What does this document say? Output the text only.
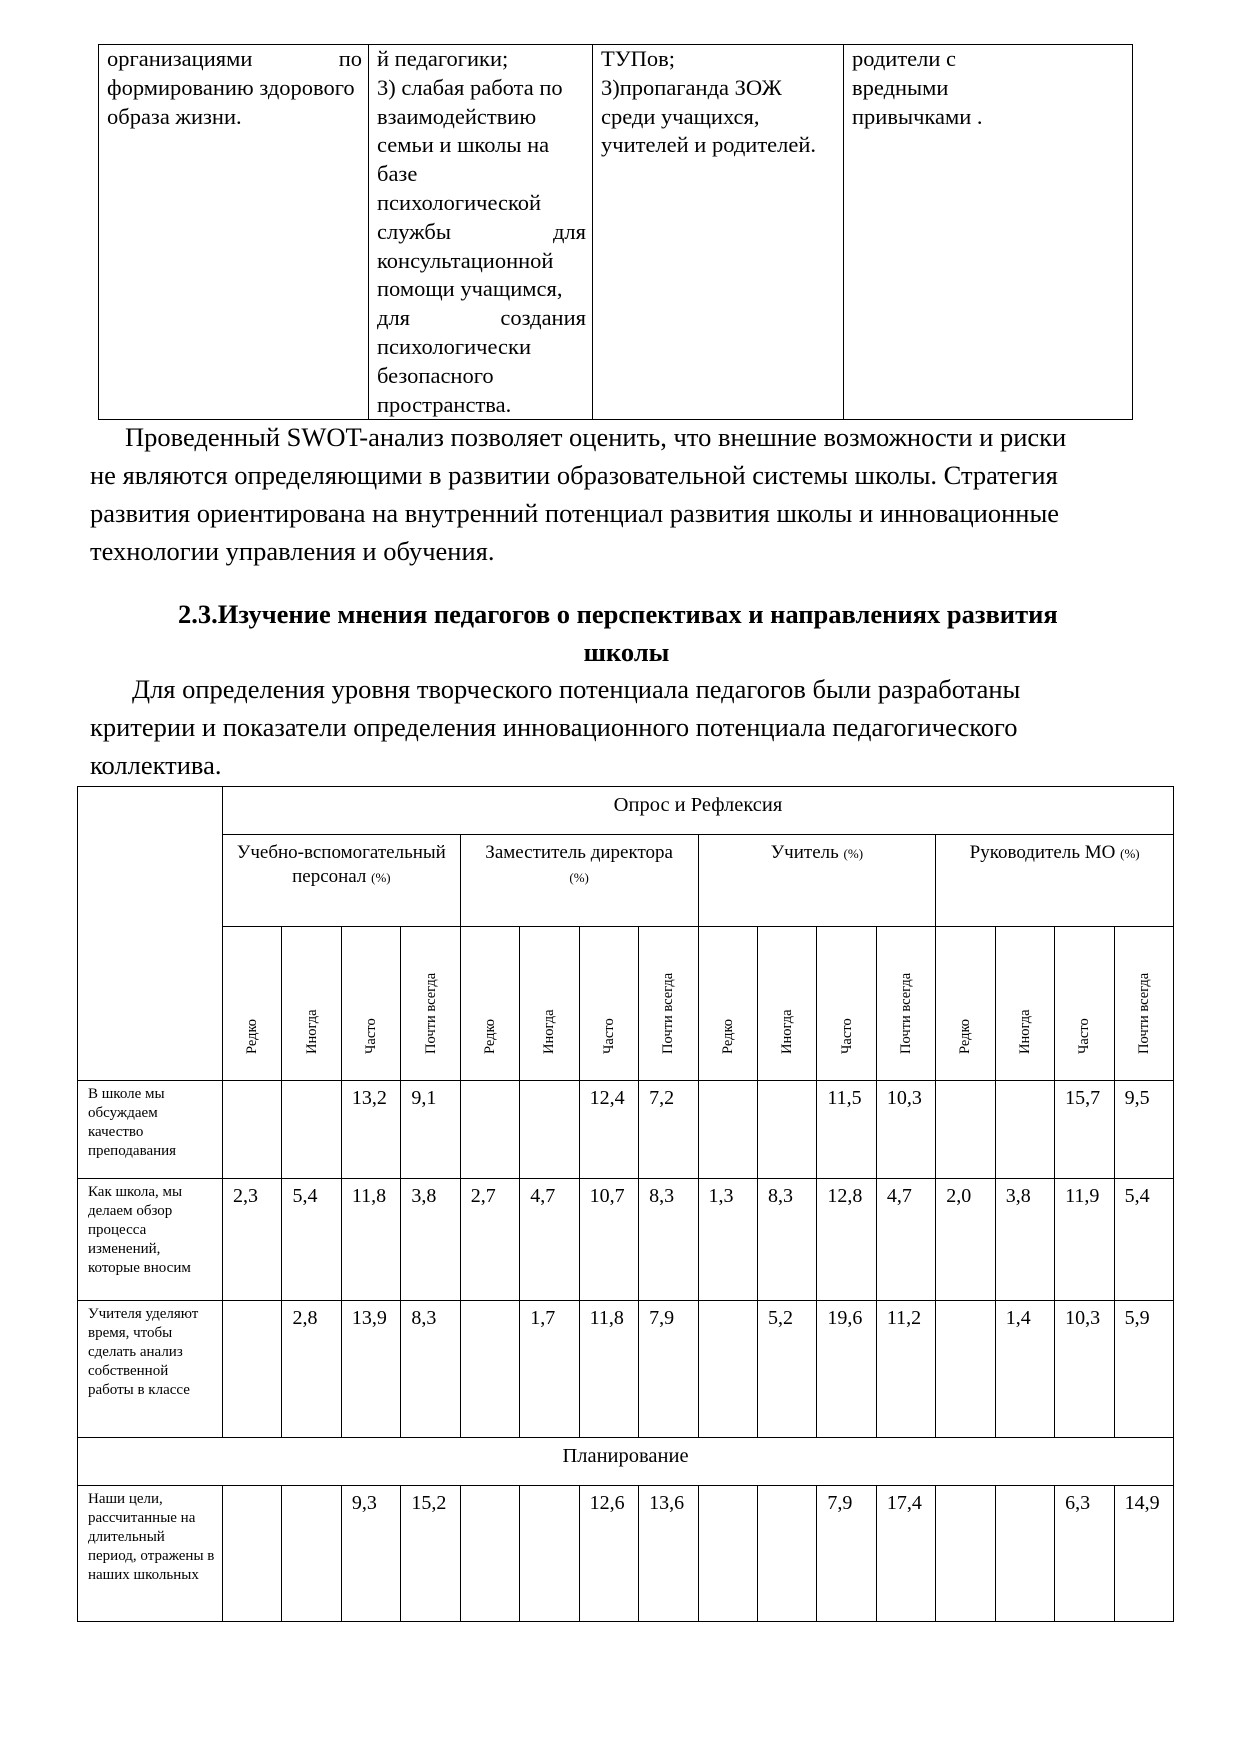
организациями	по
формированию здорового
образа жизни.

й педагогики;
3) слабая работа по
взаимодействию
семьи и школы на
базе
психологической
службы	для
консультационной
помощи учащимся,
для	создания
психологически
безопасного
пространства.

ТУПов;
3)пропаганда ЗОЖ
среди учащихся,
учителей и родителей.

родители с
вредными
привычками .
Проведенный SWOT-анализ позволяет оценить, что внешние возможности и риски
не являются определяющими в развитии образовательной системы школы. Стратегия
развития ориентирована на внутренний потенциал развития школы и инновационные
технологии управления и обучения.
2.3.Изучение мнения педагогов о перспективах и направлениях развития
школы
Для определения уровня творческого потенциала педагогов были разработаны
критерии и показатели определения инновационного потенциала педагогического
коллектива.
	Опрос и Рефлексия															
	Учебно-вспомогательный персонал (%)				Заместитель директора
(%)				Учитель (%)				Руководитель МО (%)			

	Редко	Иногда	Часто	Почти всегда	Редко	Иногда	Часто	Почти всегда	Редко	Иногда	Часто	Почти всегда	Редко	Иногда	Часто	Почти всегда

В школе мы обсуждаем качество преподавания			13,2	9,1			12,4	7,2			11,5	10,3			15,7	9,5
Как школа, мы делаем обзор процесса изменений, которые вносим	2,3	5,4	11,8	3,8	2,7	4,7	10,7	8,3	1,3	8,3	12,8	4,7	2,0	3,8	11,9	5,4
Учителя уделяют время, чтобы сделать анализ собственной работы в классе		2,8	13,9	8,3		1,7	11,8	7,9		5,2	19,6	11,2		1,4	10,3	5,9
Планирование																
Наши цели, рассчитанные на длительный период, отражены в наших школьных			9,3	15,2			12,6	13,6			7,9	17,4			6,3	14,9
